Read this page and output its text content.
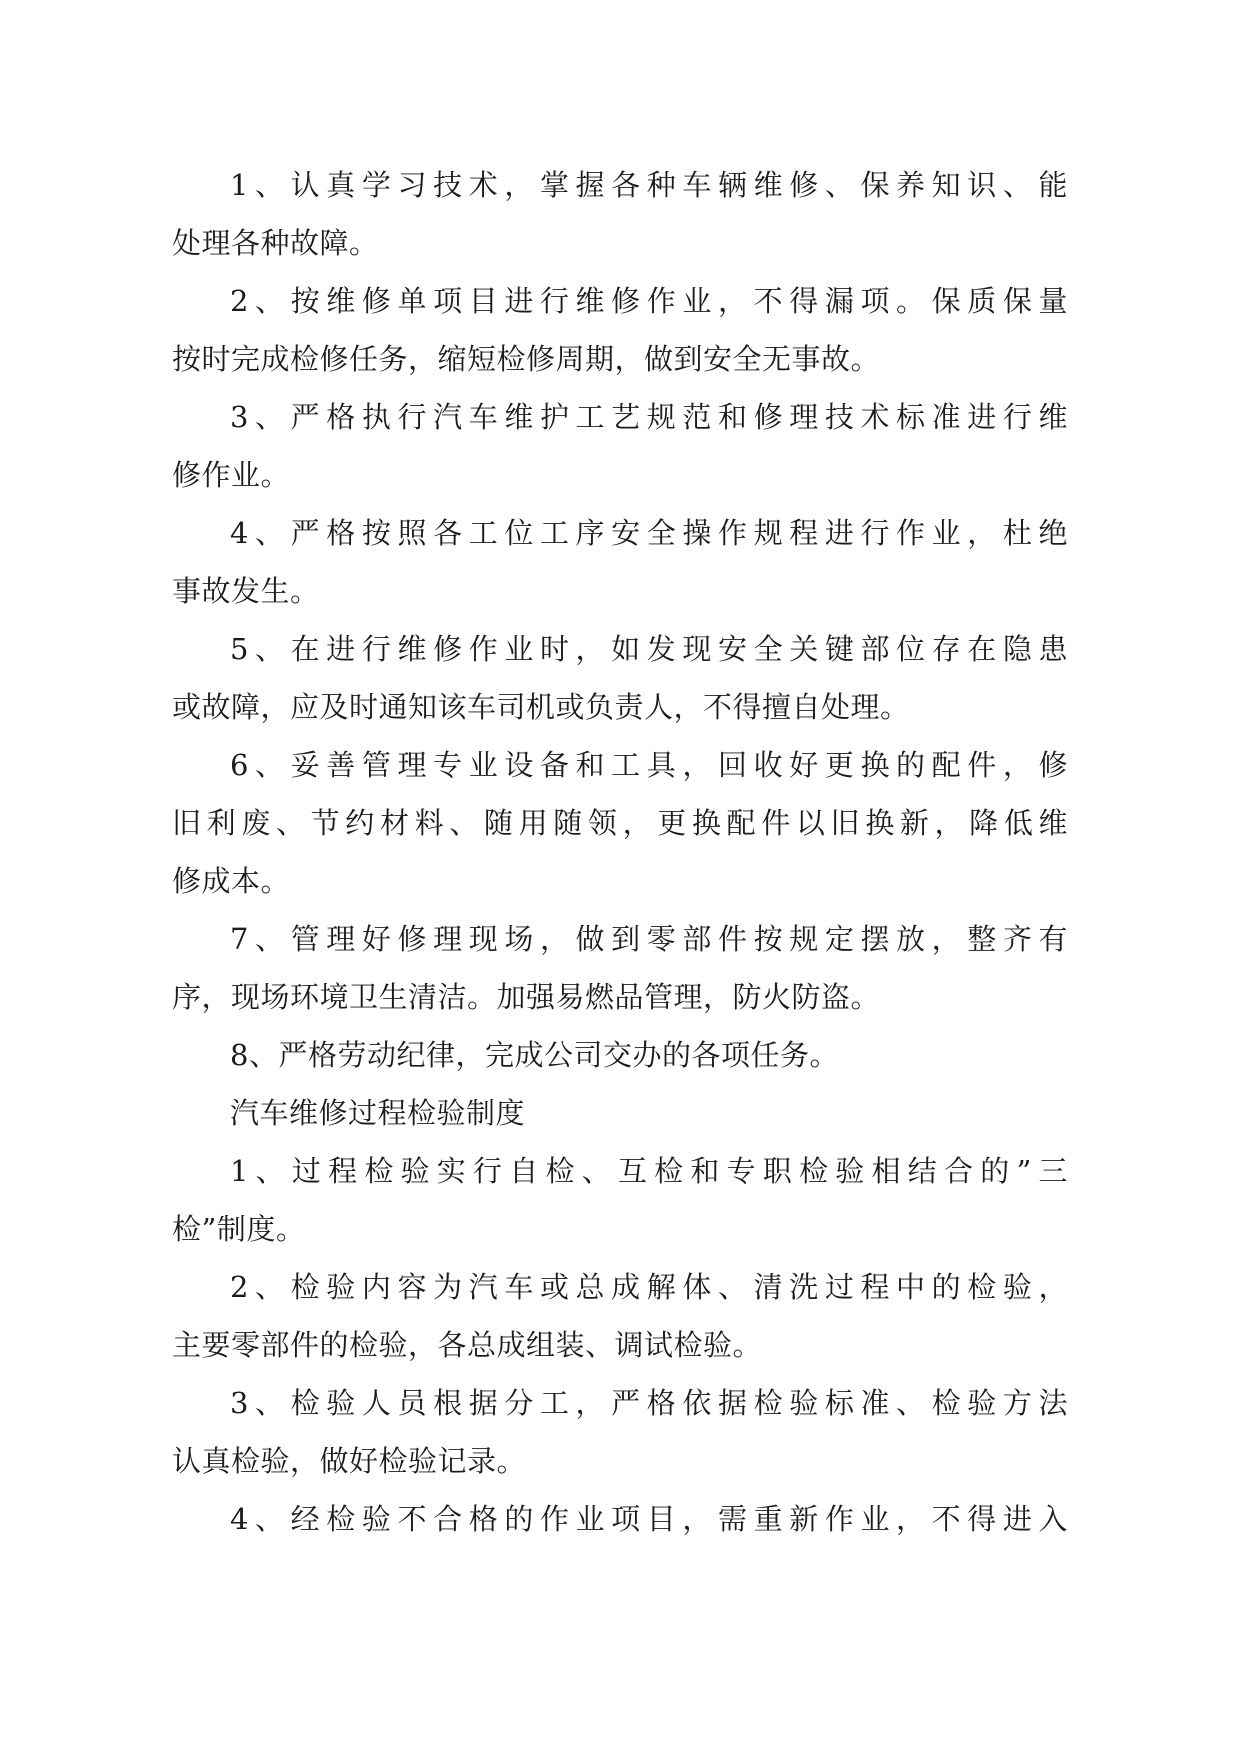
1、认真学习技术，掌握各种车辆维修、保养知识、能
处理各种故障。
2、按维修单项目进行维修作业，不得漏项。保质保量
按时完成检修任务，缩短检修周期，做到安全无事故。
3、严格执行汽车维护工艺规范和修理技术标准进行维
修作业。
4、严格按照各工位工序安全操作规程进行作业，杜绝
事故发生。
5、在进行维修作业时，如发现安全关键部位存在隐患
或故障，应及时通知该车司机或负责人，不得擅自处理。
6、妥善管理专业设备和工具，回收好更换的配件，修
旧利废、节约材料、随用随领，更换配件以旧换新，降低维
修成本。
7、管理好修理现场，做到零部件按规定摆放，整齐有
序，现场环境卫生清洁。加强易燃品管理，防火防盗。
8、严格劳动纪律，完成公司交办的各项任务。
汽车维修过程检验制度
1、过程检验实行自检、互检和专职检验相结合的”三
检”制度。
2、检验内容为汽车或总成解体、清洗过程中的检验，
主要零部件的检验，各总成组装、调试检验。
3、检验人员根据分工，严格依据检验标准、检验方法
认真检验，做好检验记录。
4、经检验不合格的作业项目，需重新作业，不得进入
